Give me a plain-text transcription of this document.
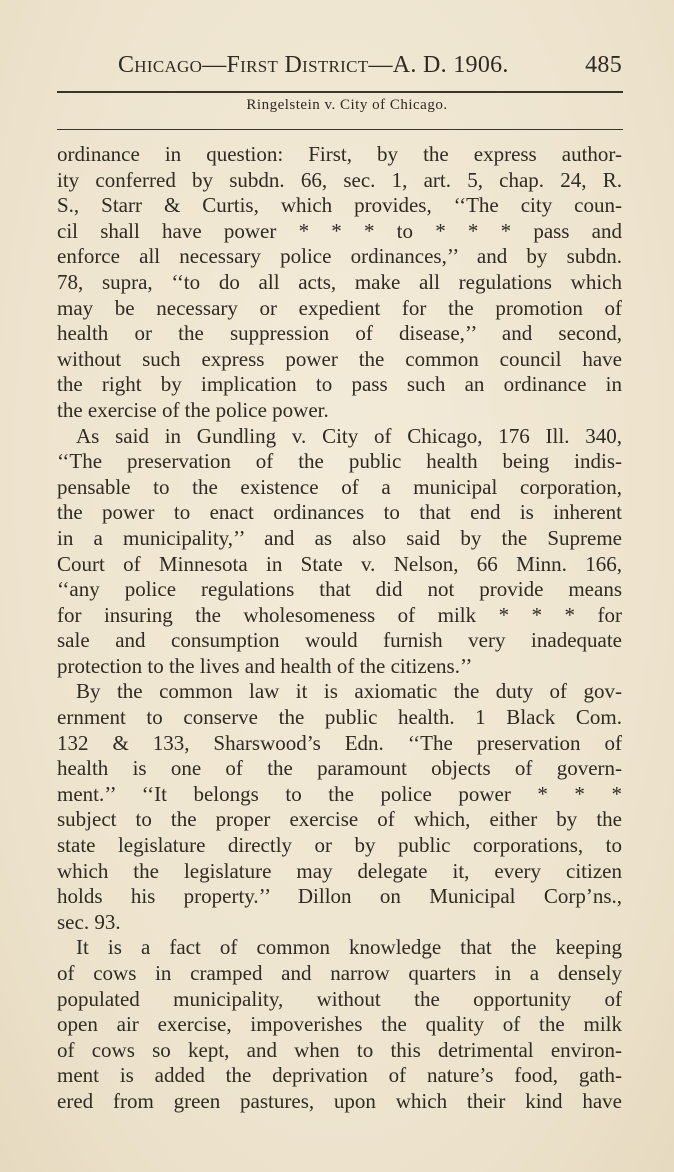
Chicago—First District—A. D. 1906.	485
Ringelstein v. City of Chicago.
ordinance in question: First, by the express author-
ity conferred by subdn. 66, sec. 1, art. 5, chap. 24, R.
S., Starr & Curtis, which provides, ‘‘The city coun-
cil shall have power * * * to * * * pass and
enforce all necessary police ordinances,’’ and by subdn.
78, supra, ‘‘to do all acts, make all regulations which
may be necessary or expedient for the promotion of
health or the suppression of disease,’’ and second,
without such express power the common council have
the right by implication to pass such an ordinance in
the exercise of the police power.
As said in Gundling v. City of Chicago, 176 Ill. 340,
‘‘The preservation of the public health being indis-
pensable to the existence of a municipal corporation,
the power to enact ordinances to that end is inherent
in a municipality,’’ and as also said by the Supreme
Court of Minnesota in State v. Nelson, 66 Minn. 166,
‘‘any police regulations that did not provide means
for insuring the wholesomeness of milk * * * for
sale and consumption would furnish very inadequate
protection to the lives and health of the citizens.’’
By the common law it is axiomatic the duty of gov-
ernment to conserve the public health. 1 Black Com.
132 & 133, Sharswood’s Edn. ‘‘The preservation of
health is one of the paramount objects of govern-
ment.’’ ‘‘It belongs to the police power * * *
subject to the proper exercise of which, either by the
state legislature directly or by public corporations, to
which the legislature may delegate it, every citizen
holds his property.’’ Dillon on Municipal Corp’ns.,
sec. 93.
It is a fact of common knowledge that the keeping
of cows in cramped and narrow quarters in a densely
populated municipality, without the opportunity of
open air exercise, impoverishes the quality of the milk
of cows so kept, and when to this detrimental environ-
ment is added the deprivation of nature’s food, gath-
ered from green pastures, upon which their kind have
